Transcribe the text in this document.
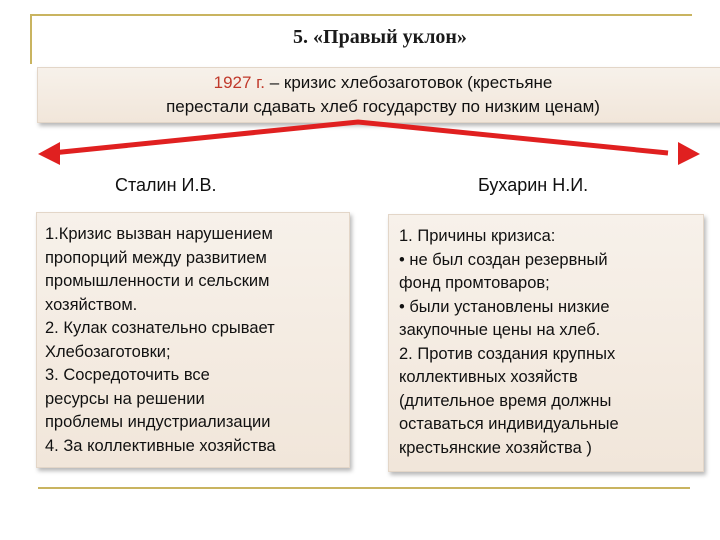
5. «Правый уклон»
1927 г. – кризис хлебозаготовок (крестьяне
перестали сдавать хлеб государству по низким ценам)
Сталин И.В.	Бухарин Н.И.
1.Кризис вызван нарушением
пропорций между развитием
промышленности и сельским
хозяйством.
2. Кулак сознательно срывает
Хлебозаготовки;
3. Сосредоточить все
ресурсы на решении
проблемы индустриализации
4. За коллективные хозяйства
1. Причины кризиса:
• не был создан резервный
фонд промтоваров;
• были установлены низкие
закупочные цены на хлеб.
2. Против создания крупных
коллективных хозяйств
(длительное время должны
оставаться индивидуальные
крестьянские хозяйства )
